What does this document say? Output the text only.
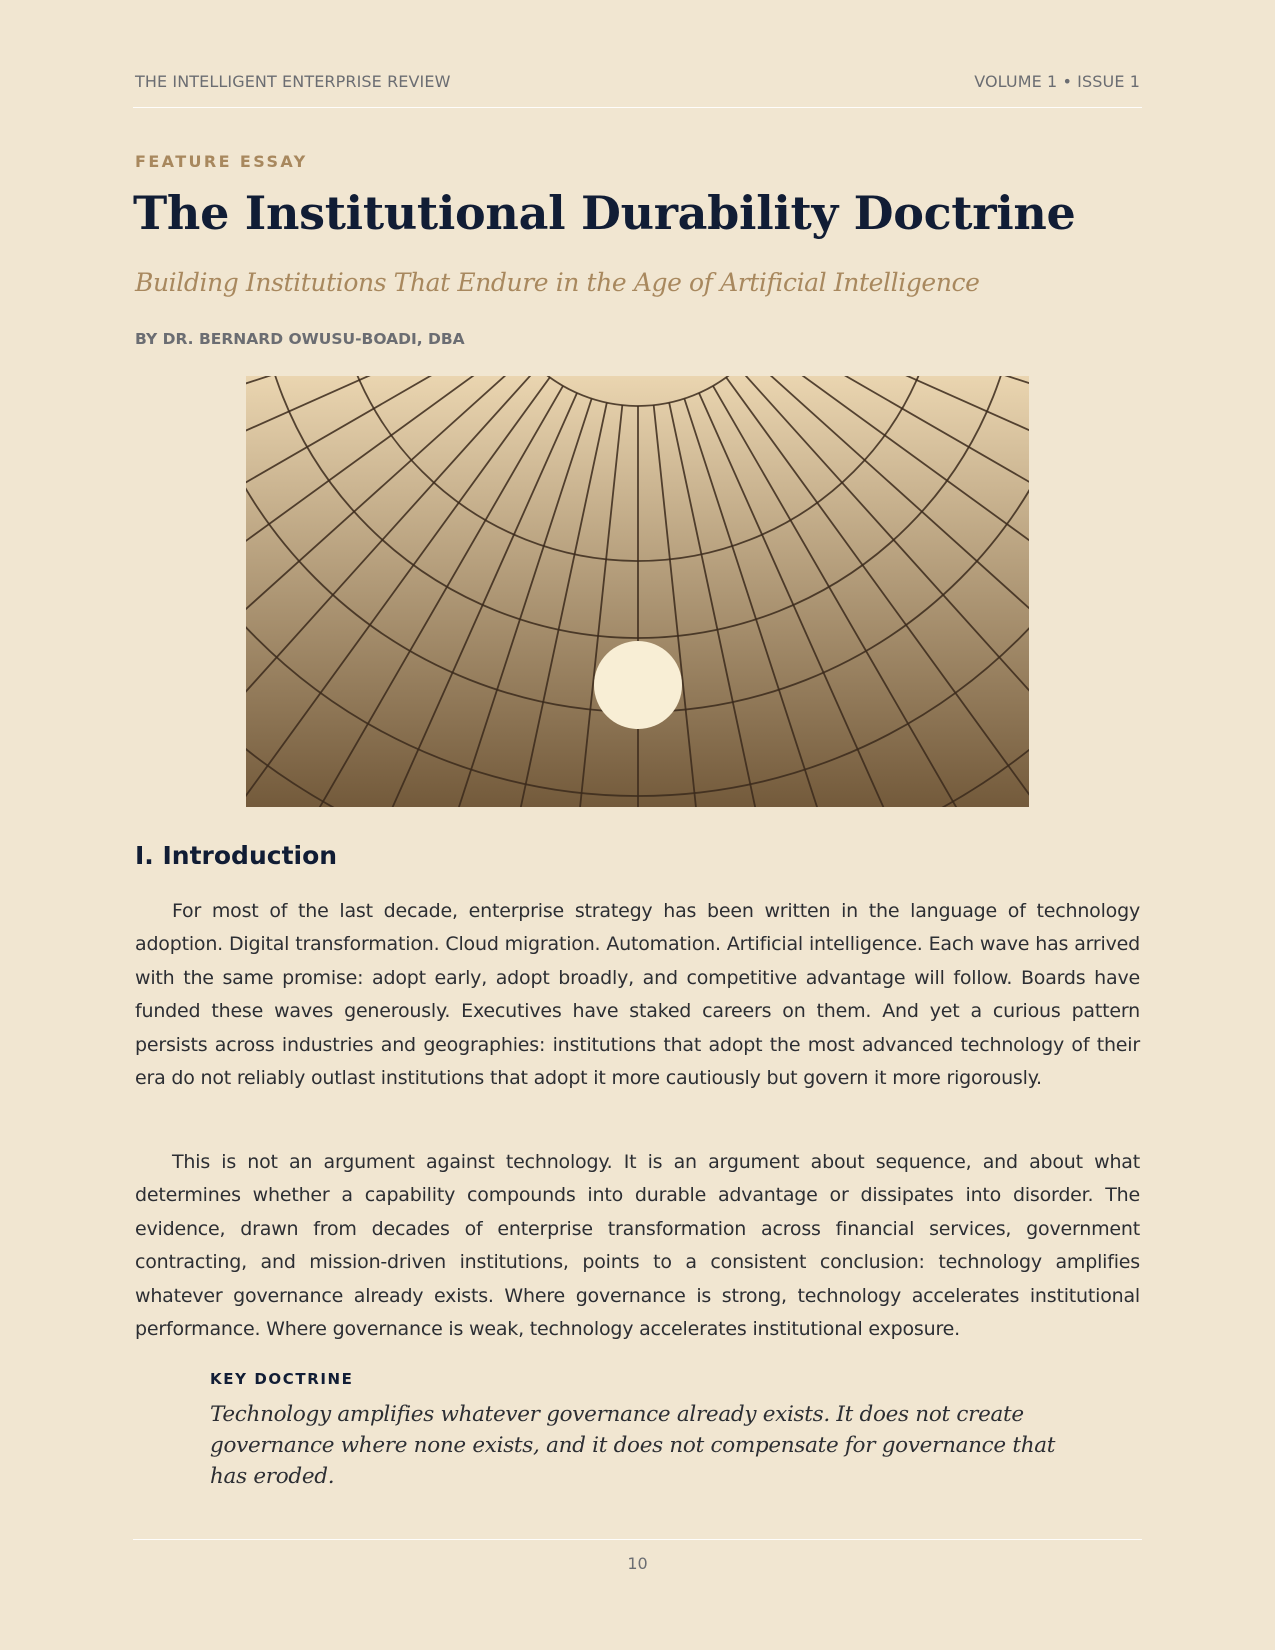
THE INTELLIGENT ENTERPRISE REVIEW	VOLUME 1 • ISSUE 1
FEATURE ESSAY
The Institutional Durability Doctrine
Building Institutions That Endure in the Age of Artificial Intelligence
BY DR. BERNARD OWUSU-BOADI, DBA
I. Introduction

For most of the last decade, enterprise strategy has been written in the language of technology adoption. Digital transformation. Cloud migration. Automation. Artificial intelligence. Each wave has arrived with the same promise: adopt early, adopt broadly, and competitive advantage will follow. Boards have funded these waves generously. Executives have staked careers on them. And yet a curious pattern persists across industries and geographies: institutions that adopt the most advanced technology of their era do not reliably outlast institutions that adopt it more cautiously but govern it more rigorously.

This is not an argument against technology. It is an argument about sequence, and about what determines whether a capability compounds into durable advantage or dissipates into disorder. The evidence, drawn from decades of enterprise transformation across financial services, government contracting, and mission-driven institutions, points to a consistent conclusion: technology amplifies whatever governance already exists. Where governance is strong, technology accelerates institutional performance. Where governance is weak, technology accelerates institutional exposure.

KEY DOCTRINE
Technology amplifies whatever governance already exists. It does not create governance where none exists, and it does not compensate for governance that has eroded.
10
